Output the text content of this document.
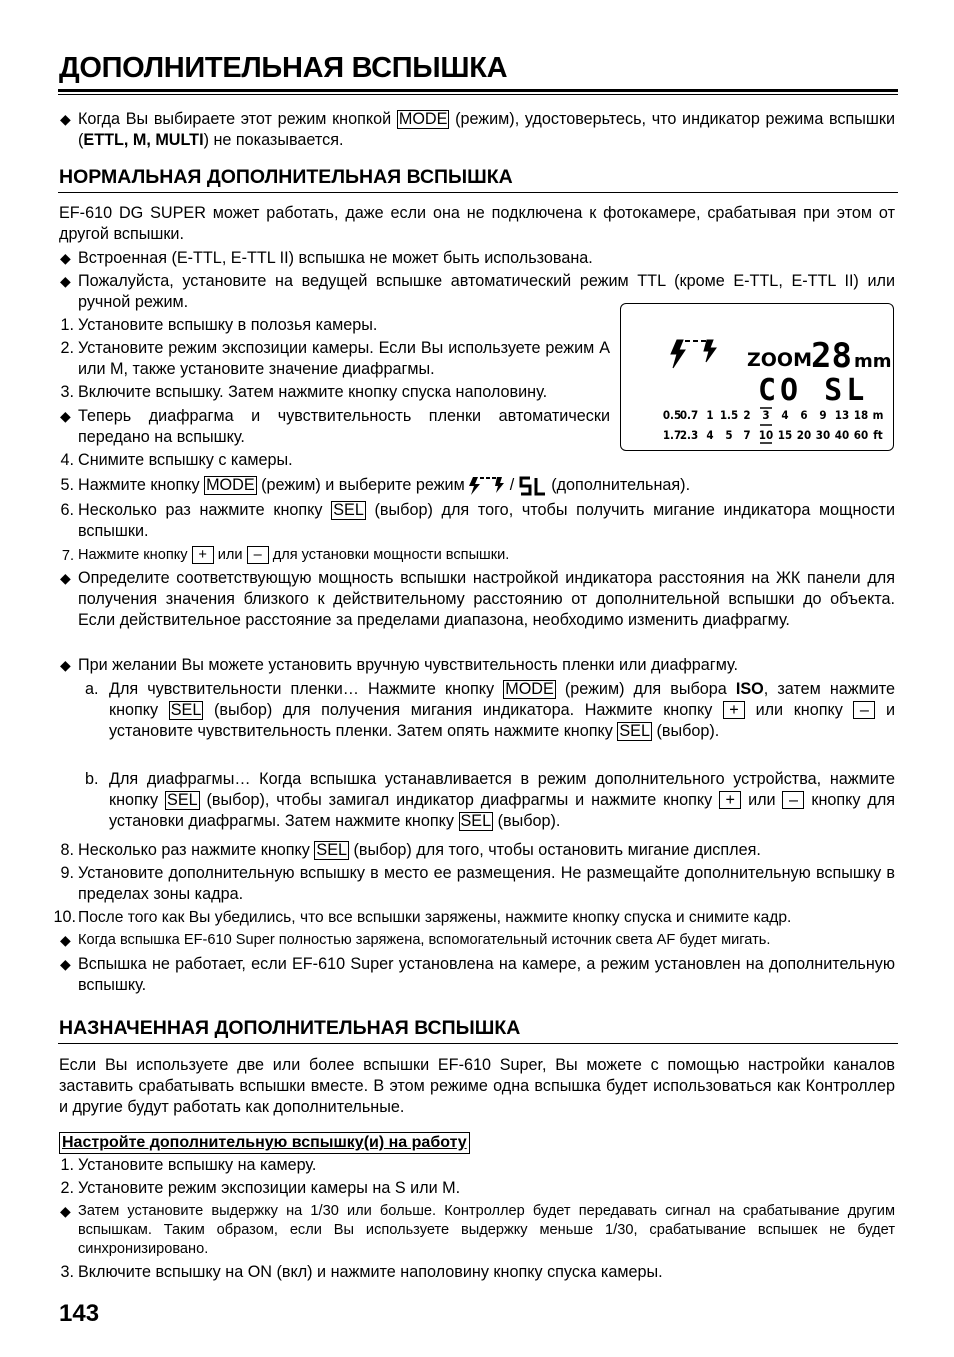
ДОПОЛНИТЕЛЬНАЯ ВСПЫШКА
◆ Когда Вы выбираете этот режим кнопкой MODE (режим), удостоверьтесь, что индикатор режима вспышки (ETTL, M, MULTI) не показывается.

НОРМАЛЬНАЯ ДОПОЛНИТЕЛЬНАЯ ВСПЫШКА

EF-610 DG SUPER может работать, даже если она не подключена к фотокамере, срабатывая при этом от другой вспышки.

◆ Встроенная (E-TTL, E-TTL II) вспышка не может быть использована.

◆ Пожалуйста, установите на ведущей вспышке автоматический режим TTL (кроме E-TTL, E-TTL II) или ручной режим.

1. Установите вспышку в полозья камеры.

2. Установите режим экспозиции камеры. Если Вы используете режим A или M, также установите значение диафрагмы.

3. Включите вспышку. Затем нажмите кнопку спуска наполовину.

◆ Теперь диафрагма и чувствительность пленки автоматически передано на вспышку.

ZOOM 28 mm
CO SL
0.5
0.7 1 1.5 2 3 4 6 9 13 18
1.7
2.3 4 5 7 10 15 20 30 40 60
m
ft
4. Снимите вспышку с камеры.

5. Нажмите кнопку MODE (режим) и выберите режим	/ (дополнительная).

6. Несколько раз нажмите кнопку SEL (выбор) для того, чтобы получить мигание индикатора мощности вспышки.

7. Нажмите кнопку + или – для установки мощности вспышки.

◆ Определите соответствующую мощность вспышки настройкой индикатора расстояния на ЖК панели для получения значения близкого к действительному расстоянию от дополнительной вспышки до объекта. Если действительное расстояние за пределами диапазона, необходимо изменить диафрагму.

◆ При желании Вы можете установить вручную чувствительность пленки или диафрагму.

a. Для чувствительности пленки… Нажмите кнопку MODE (режим) для выбора ISO, затем нажмите кнопку SEL (выбор) для получения мигания индикатора. Нажмите кнопку + или кнопку – и установите чувствительность пленки. Затем опять нажмите кнопку SEL (выбор).

b. Для диафрагмы… Когда вспышка устанавливается в режим дополнительного устройства, нажмите кнопку SEL (выбор), чтобы замигал индикатор диафрагмы и нажмите кнопку + или – кнопку для установки диафрагмы. Затем нажмите кнопку SEL (выбор).

8. Несколько раз нажмите кнопку SEL (выбор) для того, чтобы остановить мигание дисплея.

9. Установите дополнительную вспышку в место ее размещения. Не размещайте дополнительную вспышку в пределах зоны кадра.

10. После того как Вы убедились, что все вспышки заряжены, нажмите кнопку спуска и снимите кадр.

◆ Когда вспышка EF-610 Super полностью заряжена, вспомогательный источник света AF будет мигать.

◆ Вспышка не работает, если EF-610 Super установлена на камере, а режим установлен на дополнительную вспышку.

НАЗНАЧЕННАЯ ДОПОЛНИТЕЛЬНАЯ ВСПЫШКА

Если Вы используете две или более вспышки EF-610 Super, Вы можете с помощью настройки каналов заставить срабатывать вспышки вместе. В этом режиме одна вспышка будет использоваться как Контроллер и другие будут работать как дополнительные.

Настройте дополнительную вспышку(и) на работу
1. Установите вспышку на камеру.

2. Установите режим экспозиции камеры на S или M.

◆ Затем установите выдержку на 1/30 или больше. Контроллер будет передавать сигнал на срабатывание другим вспышкам. Таким образом, если Вы используете выдержку меньше 1/30, срабатывание вспышек не будет синхронизировано.

3. Включите вспышку на ON (вкл) и нажмите наполовину кнопку спуска камеры.

143
